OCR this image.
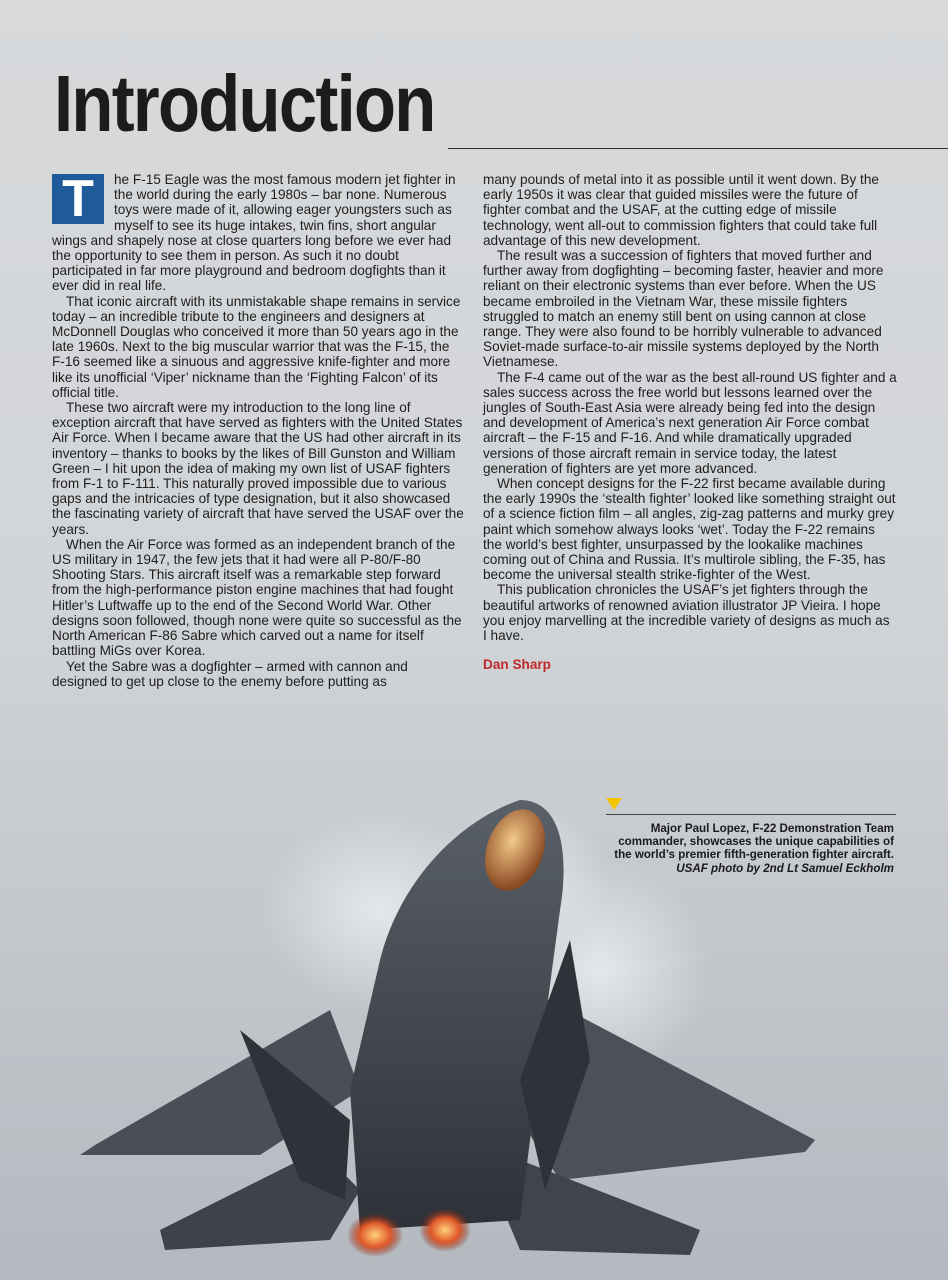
Introduction

T	he F-15 Eagle was the most famous modern jet fighter in the world during the early 1980s – bar none. Numerous toys were made of it, allowing eager youngsters such as myself to see its huge intakes, twin fins, short angular wings and shapely nose at close quarters long before we ever had the opportunity to see them in person. As such it no doubt participated in far more playground and bedroom dogfights than it ever did in real life.

That iconic aircraft with its unmistakable shape remains in service today – an incredible tribute to the engineers and designers at McDonnell Douglas who conceived it more than 50 years ago in the late 1960s. Next to the big muscular warrior that was the F-15, the F-16 seemed like a sinuous and aggressive knife-fighter and more like its unofficial ‘Viper’ nickname than the ‘Fighting Falcon’ of its official title.

These two aircraft were my introduction to the long line of exception aircraft that have served as fighters with the United States Air Force. When I became aware that the US had other aircraft in its inventory – thanks to books by the likes of Bill Gunston and William Green – I hit upon the idea of making my own list of USAF fighters from F-1 to F-111. This naturally proved impossible due to various gaps and the intricacies of type designation, but it also showcased the fascinating variety of aircraft that have served the USAF over the years.

When the Air Force was formed as an independent branch of the US military in 1947, the few jets that it had were all P-80/F-80 Shooting Stars. This aircraft itself was a remarkable step forward from the high-performance piston engine machines that had fought Hitler’s Luftwaffe up to the end of the Second World War. Other designs soon followed, though none were quite so successful as the North American F-86 Sabre which carved out a name for itself battling MiGs over Korea.

Yet the Sabre was a dogfighter – armed with cannon and designed to get up close to the enemy before putting as

many pounds of metal into it as possible until it went down. By the early 1950s it was clear that guided missiles were the future of fighter combat and the USAF, at the cutting edge of missile technology, went all-out to commission fighters that could take full advantage of this new development.

The result was a succession of fighters that moved further and further away from dogfighting – becoming faster, heavier and more reliant on their electronic systems than ever before. When the US became embroiled in the Vietnam War, these missile fighters struggled to match an enemy still bent on using cannon at close range. They were also found to be horribly vulnerable to advanced Soviet-made surface-to-air missile systems deployed by the North Vietnamese.

The F-4 came out of the war as the best all-round US fighter and a sales success across the free world but lessons learned over the jungles of South-East Asia were already being fed into the design and development of America’s next generation Air Force combat aircraft – the F-15 and F-16. And while dramatically upgraded versions of those aircraft remain in service today, the latest generation of fighters are yet more advanced.

When concept designs for the F-22 first became available during the early 1990s the ‘stealth fighter’ looked like something straight out of a science fiction film – all angles, zig-zag patterns and murky grey paint which somehow always looks ‘wet’. Today the F-22 remains the world’s best fighter, unsurpassed by the lookalike machines coming out of China and Russia. It’s multirole sibling, the F-35, has become the universal stealth strike-fighter of the West.

This publication chronicles the USAF’s jet fighters through the beautiful artworks of renowned aviation illustrator JP Vieira. I hope you enjoy marvelling at the incredible variety of designs as much as I have.

Dan Sharp
Major Paul Lopez, F-22 Demonstration Team commander, showcases the unique capabilities of the world’s premier fifth-generation fighter aircraft.
USAF photo by 2nd Lt Samuel Eckholm
